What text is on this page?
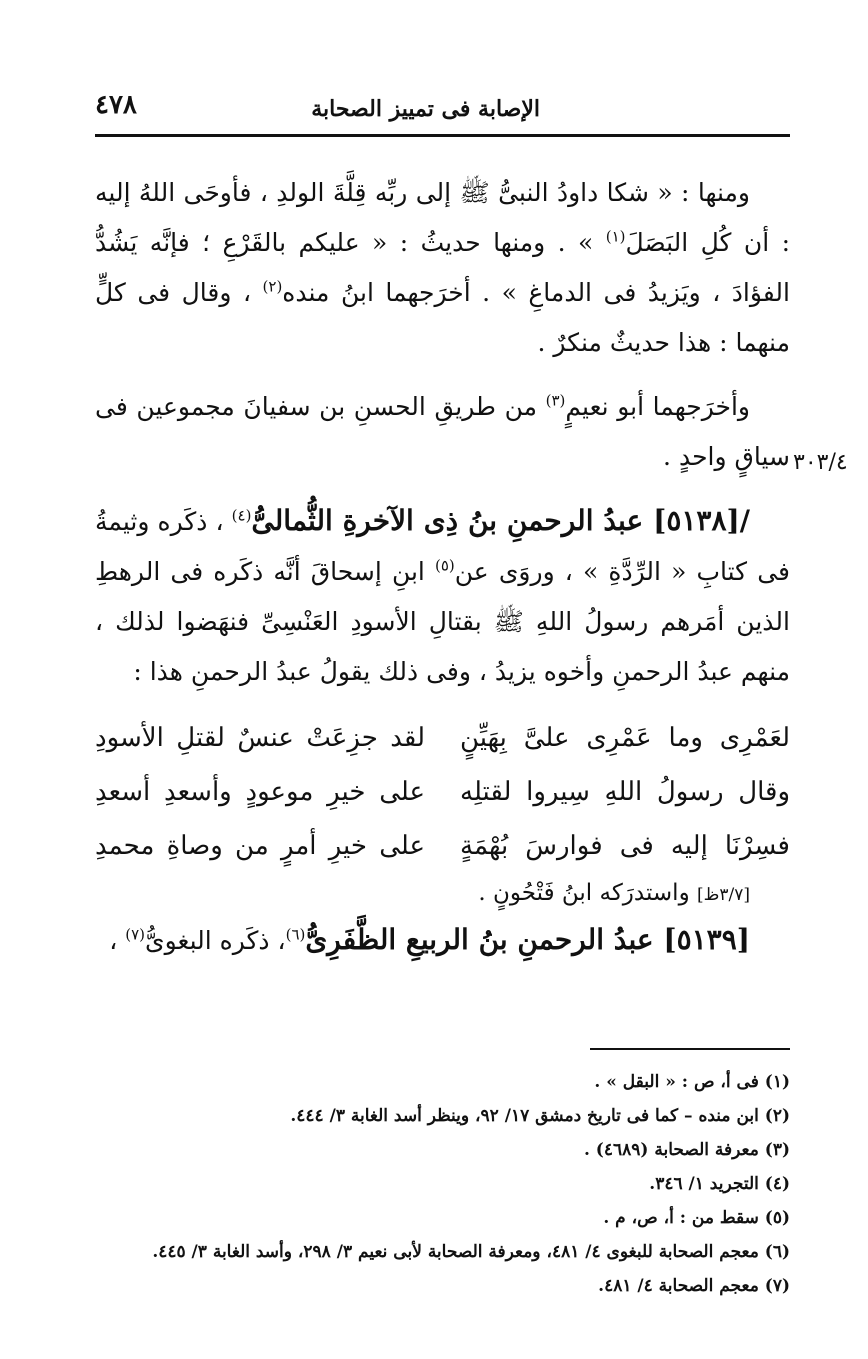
٤٧٨	الإصابة فى تمييز الصحابة
٣٠٣/٤

ومنها : « شكا داودُ النبىُّ ﷺ إلى ربِّه قِلَّةَ الولدِ ، فأوحَى اللهُ إليه : أن كُلِ البَصَلَ$^{(١)}$ » . ومنها حديثُ : « عليكم بالقَرْعِ ؛ فإنَّه يَشُدُّ الفؤادَ ، ويَزيدُ فى الدماغِ » . أخرَجهما ابنُ منده$^{(٢)}$ ، وقال فى كلٍّ منهما : هذا حديثٌ منكرٌ .

وأخرَجهما أبو نعيمٍ$^{(٣)}$ من طريقِ الحسنِ بن سفيانَ مجموعين فى سياقٍ واحدٍ .

/[٥١٣٨] عبدُ الرحمنِ بنُ ذِى الآخرةِ الثُّمالىُّ$^{(٤)}$ ، ذكَره وثيمةُ فى كتابِ « الرِّدَّةِ » ، وروَى عن$^{(٥)}$ ابنِ إسحاقَ أنَّه ذكَره فى الرهطِ الذين أمَرهم رسولُ اللهِ ﷺ بقتالِ الأسودِ العَنْسِىِّ فنهَضوا لذلك ، منهم عبدُ الرحمنِ وأخوه يزيدُ ، وفى ذلك يقولُ عبدُ الرحمنِ هذا :

لعَمْرِى وما عَمْرِى علىَّ بِهَيِّنٍ
لقد جزِعَتْ عنسٌ لقتلِ الأسودِ
وقال رسولُ اللهِ سِيروا لقتلِه
على خيرِ موعودٍ وأسعدِ أسعدِ
فسِرْنَا إليه فى فوارسَ بُهْمَةٍ
على خيرِ أمرٍ من وصاةِ محمدِ

[٣/٧ظ] واستدرَكه ابنُ فَتْحُونٍ .

[٥١٣٩] عبدُ الرحمنِ بنُ الربيعِ الظَّفَرِىُّ$^{(٦)}$، ذكَره البغوىُّ$^{(٧)}$ ،

(١) فى أ، ص : « البقل » .

(٢) ابن منده – كما فى تاريخ دمشق ١٧/ ٩٢، وينظر أسد الغابة ٣/ ٤٤٤.

(٣) معرفة الصحابة (٤٦٨٩) .

(٤) التجريد ١/ ٣٤٦.

(٥) سقط من : أ، ص، م .

(٦) معجم الصحابة للبغوى ٤/ ٤٨١، ومعرفة الصحابة لأبى نعيم ٣/ ٢٩٨، وأسد الغابة ٣/ ٤٤٥.

(٧) معجم الصحابة ٤/ ٤٨١.
